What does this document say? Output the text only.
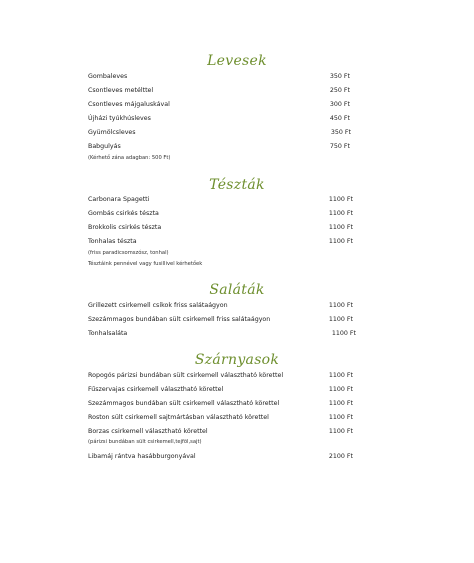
Levesek
Gombaleves	350 Ft
Csontleves metélttel	250 Ft
Csontleves májgaluskával	300 Ft
Újházi tyúkhúsleves	450 Ft
Gyümölcsleves	350 Ft
Babgulyás	750 Ft
(Kérhető zána adagban: 500 Ft)
Tészták
Carbonara Spagetti	1100 Ft
Gombás csirkés tészta	1100 Ft
Brokkolis csirkés tészta	1100 Ft
Tonhalas tészta	1100 Ft
(friss paradicsomszósz, tonhal)
Tésztáink pennével vagy fusillivel kérhetőek
Saláták
Grillezett csirkemell csíkok friss salátaágyon	1100 Ft
Szezámmagos bundában sült csirkemell friss salátaágyon	1100 Ft
Tonhalsaláta	1100 Ft
Szárnyasok
Ropogós párizsi bundában sült csirkemell választható körettel	1100 Ft
Fűszervajas csirkemell választható körettel	1100 Ft
Szezámmagos bundában sült csirkemell választható körettel	1100 Ft
Roston sült csirkemell sajtmártásban választható körettel	1100 Ft
Borzas csirkemell választható körettel	1100 Ft
(párizsi bundában sült csirkemell,tejföl,sajt)
Libamáj rántva hasábburgonyával	2100 Ft
